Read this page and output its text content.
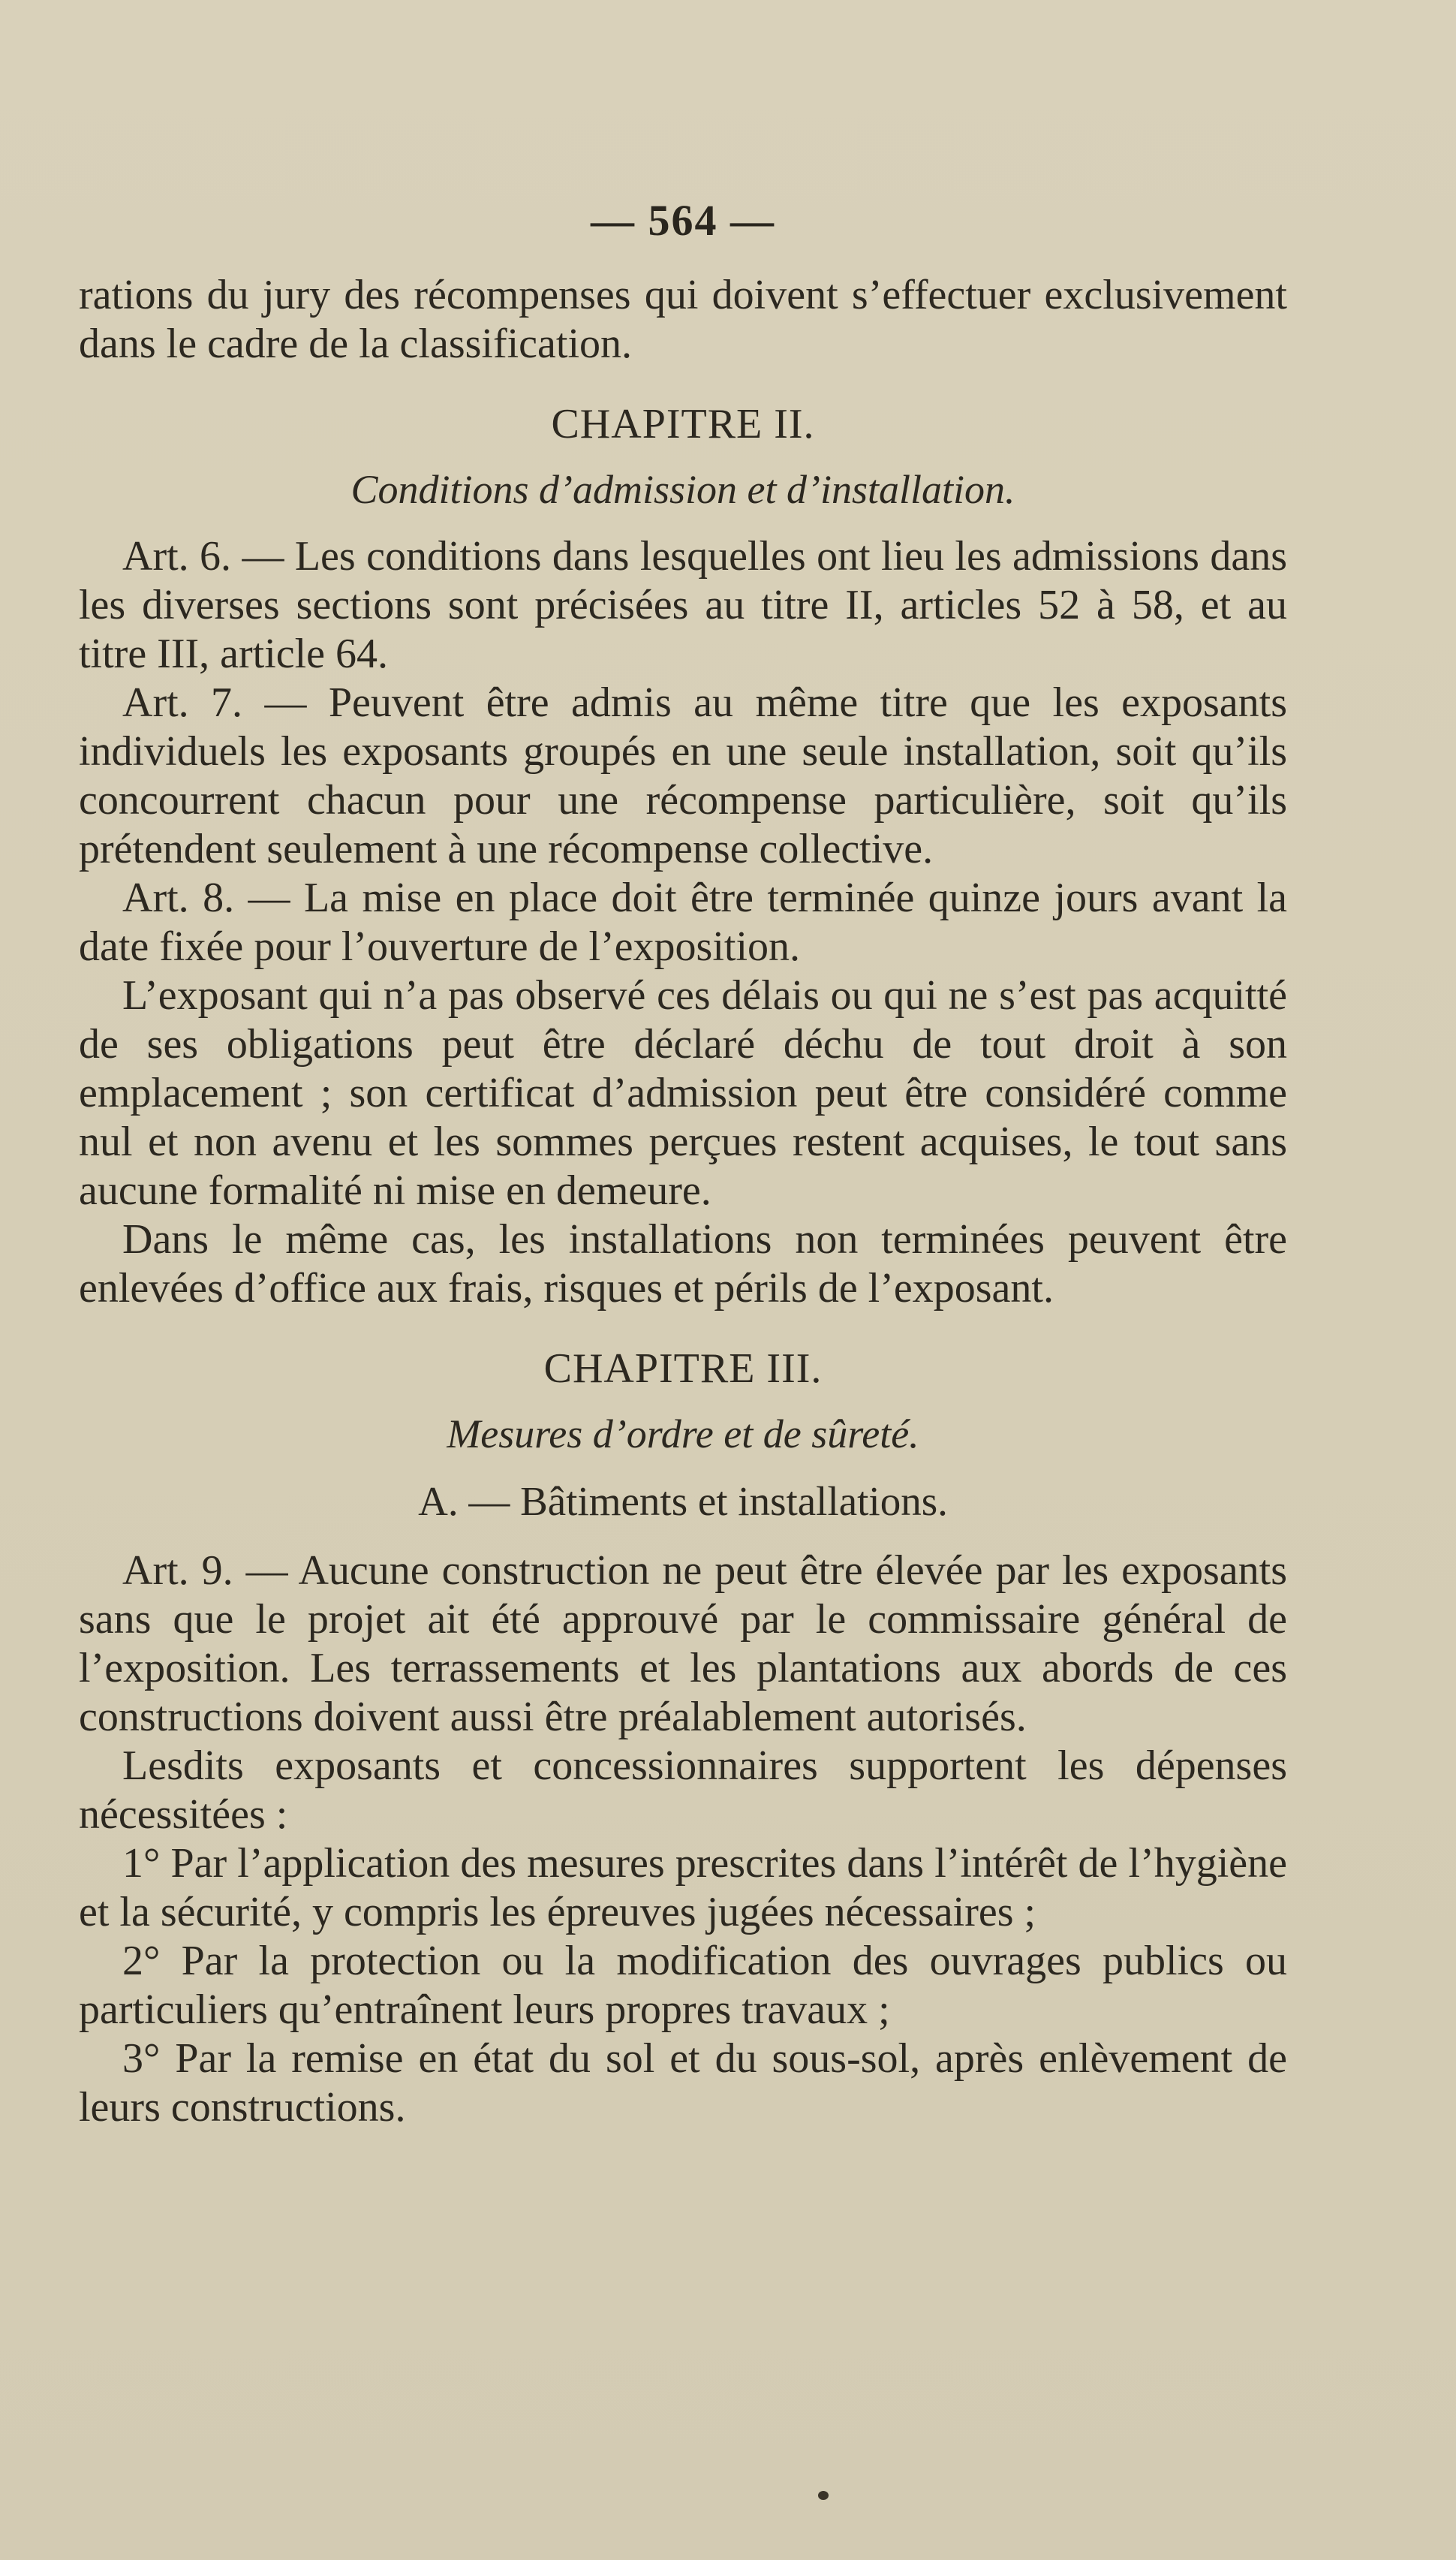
— 564 —

rations du jury des récompenses qui doivent s’effectuer exclusivement dans le cadre de la classification.

CHAPITRE II.
Conditions d’admission et d’installation.

Art. 6. — Les conditions dans lesquelles ont lieu les admissions dans les diverses sections sont précisées au titre II, articles 52 à 58, et au titre III, article 64.

Art. 7. — Peuvent être admis au même titre que les exposants individuels les exposants groupés en une seule installation, soit qu’ils concourrent chacun pour une récompense particulière, soit qu’ils prétendent seulement à une récompense collective.

Art. 8. — La mise en place doit être terminée quinze jours avant la date fixée pour l’ouverture de l’exposition.

L’exposant qui n’a pas observé ces délais ou qui ne s’est pas acquitté de ses obligations peut être déclaré déchu de tout droit à son emplacement ; son certificat d’admission peut être considéré comme nul et non avenu et les sommes perçues restent acquises, le tout sans aucune formalité ni mise en demeure.

Dans le même cas, les installations non terminées peuvent être enlevées d’office aux frais, risques et périls de l’exposant.

CHAPITRE III.
Mesures d’ordre et de sûreté.
A. — Bâtiments et installations.

Art. 9. — Aucune construction ne peut être élevée par les exposants sans que le projet ait été approuvé par le commissaire général de l’exposition. Les terrassements et les plantations aux abords de ces constructions doivent aussi être préalablement autorisés.

Lesdits exposants et concessionnaires supportent les dépenses nécessitées :

1° Par l’application des mesures prescrites dans l’intérêt de l’hygiène et la sécurité, y compris les épreuves jugées nécessaires ;

2° Par la protection ou la modification des ouvrages publics ou particuliers qu’entraînent leurs propres travaux ;

3° Par la remise en état du sol et du sous-sol, après enlèvement de leurs constructions.
